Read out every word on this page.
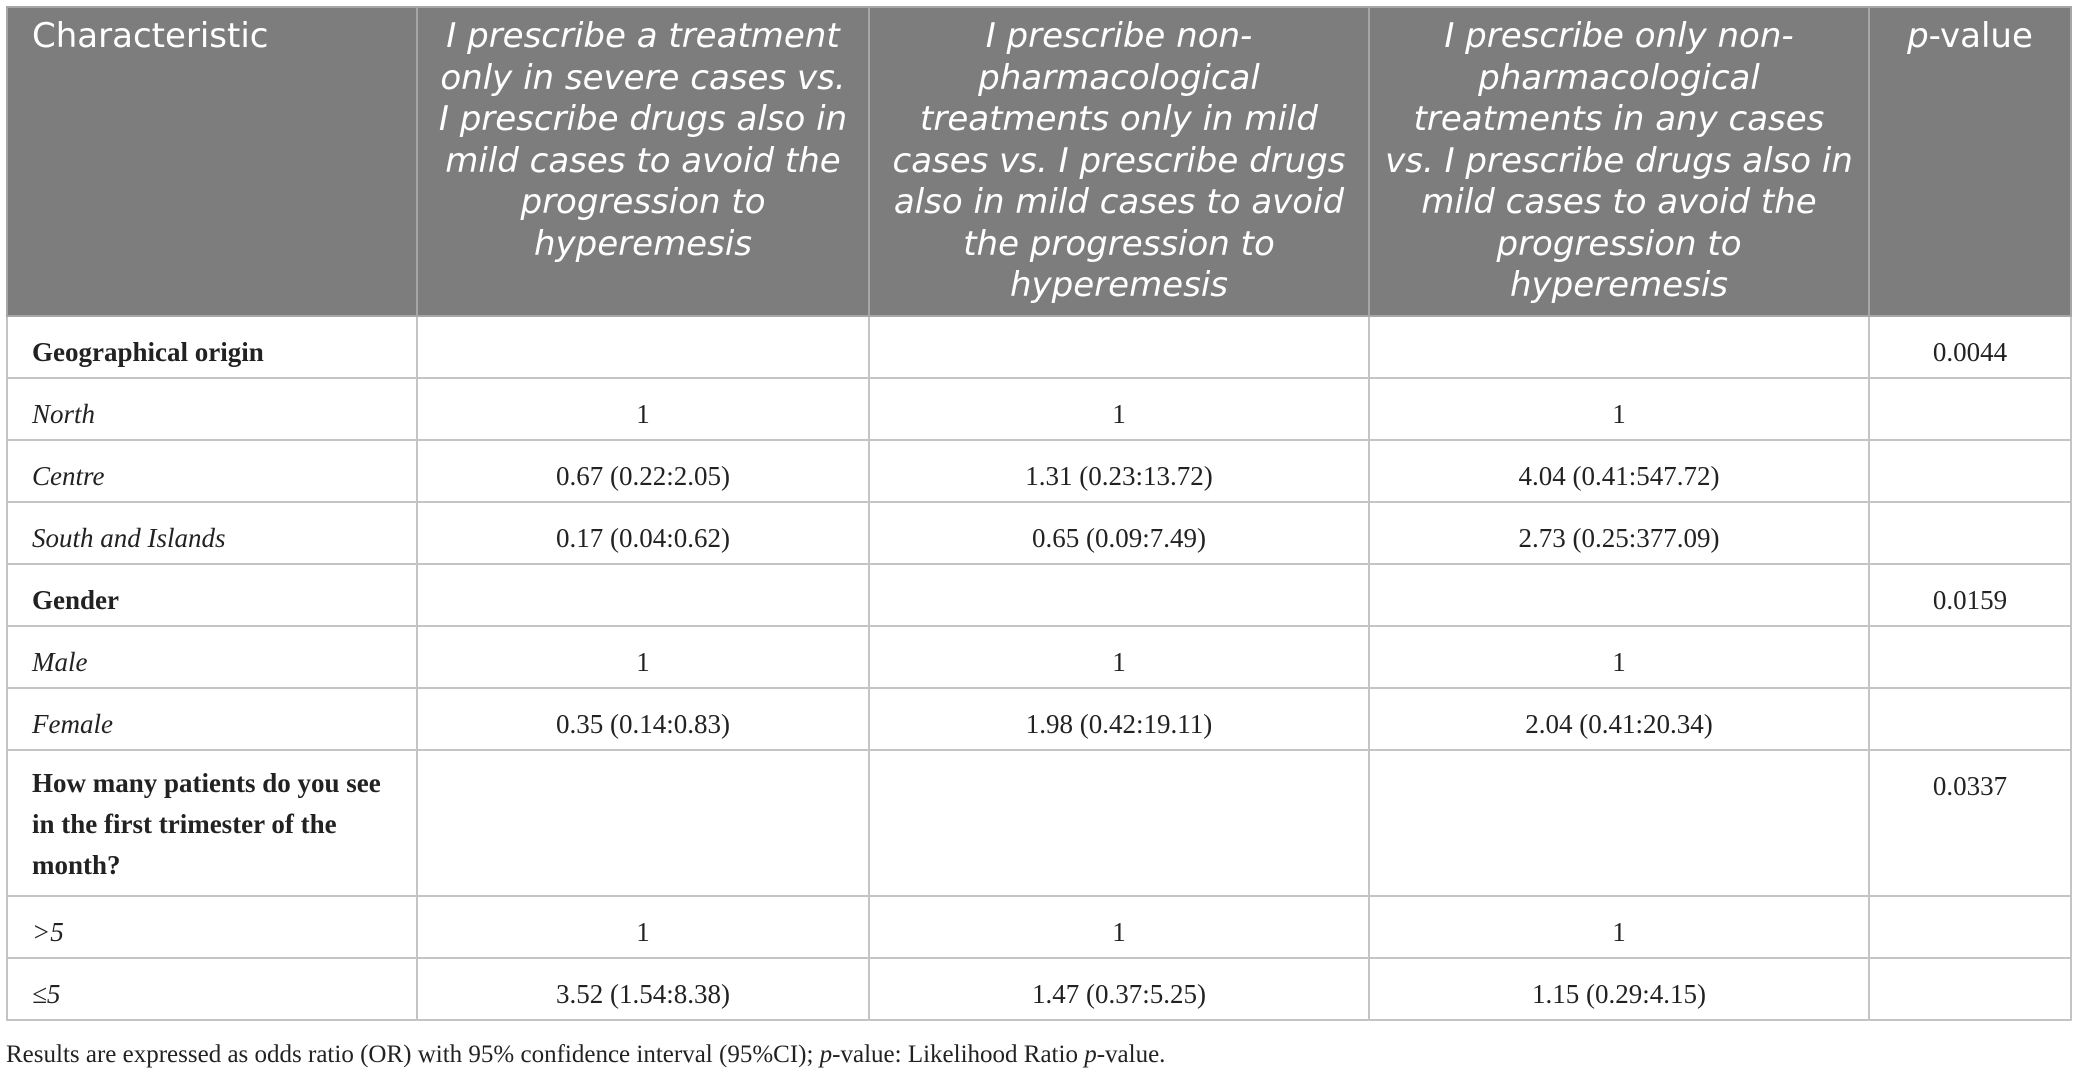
Characteristic	I prescribe a treatment only in severe cases vs. I prescribe drugs also in mild cases to avoid the progression to hyperemesis	I prescribe non-pharmacological treatments only in mild cases vs. I prescribe drugs also in mild cases to avoid the progression to hyperemesis	I prescribe only non-pharmacological treatments in any cases vs. I prescribe drugs also in mild cases to avoid the progression to hyperemesis	p-value
Geographical origin				0.0044
North	1	1	1	
Centre	0.67 (0.22:2.05)	1.31 (0.23:13.72)	4.04 (0.41:547.72)	
South and Islands	0.17 (0.04:0.62)	0.65 (0.09:7.49)	2.73 (0.25:377.09)	
Gender				0.0159
Male	1	1	1	
Female	0.35 (0.14:0.83)	1.98 (0.42:19.11)	2.04 (0.41:20.34)	
How many patients do you see in the first trimester of the month?				0.0337
>5	1	1	1	
≤5	3.52 (1.54:8.38)	1.47 (0.37:5.25)	1.15 (0.29:4.15)	
Results are expressed as odds ratio (OR) with 95% confidence interval (95%CI); p-value: Likelihood Ratio p-value.
